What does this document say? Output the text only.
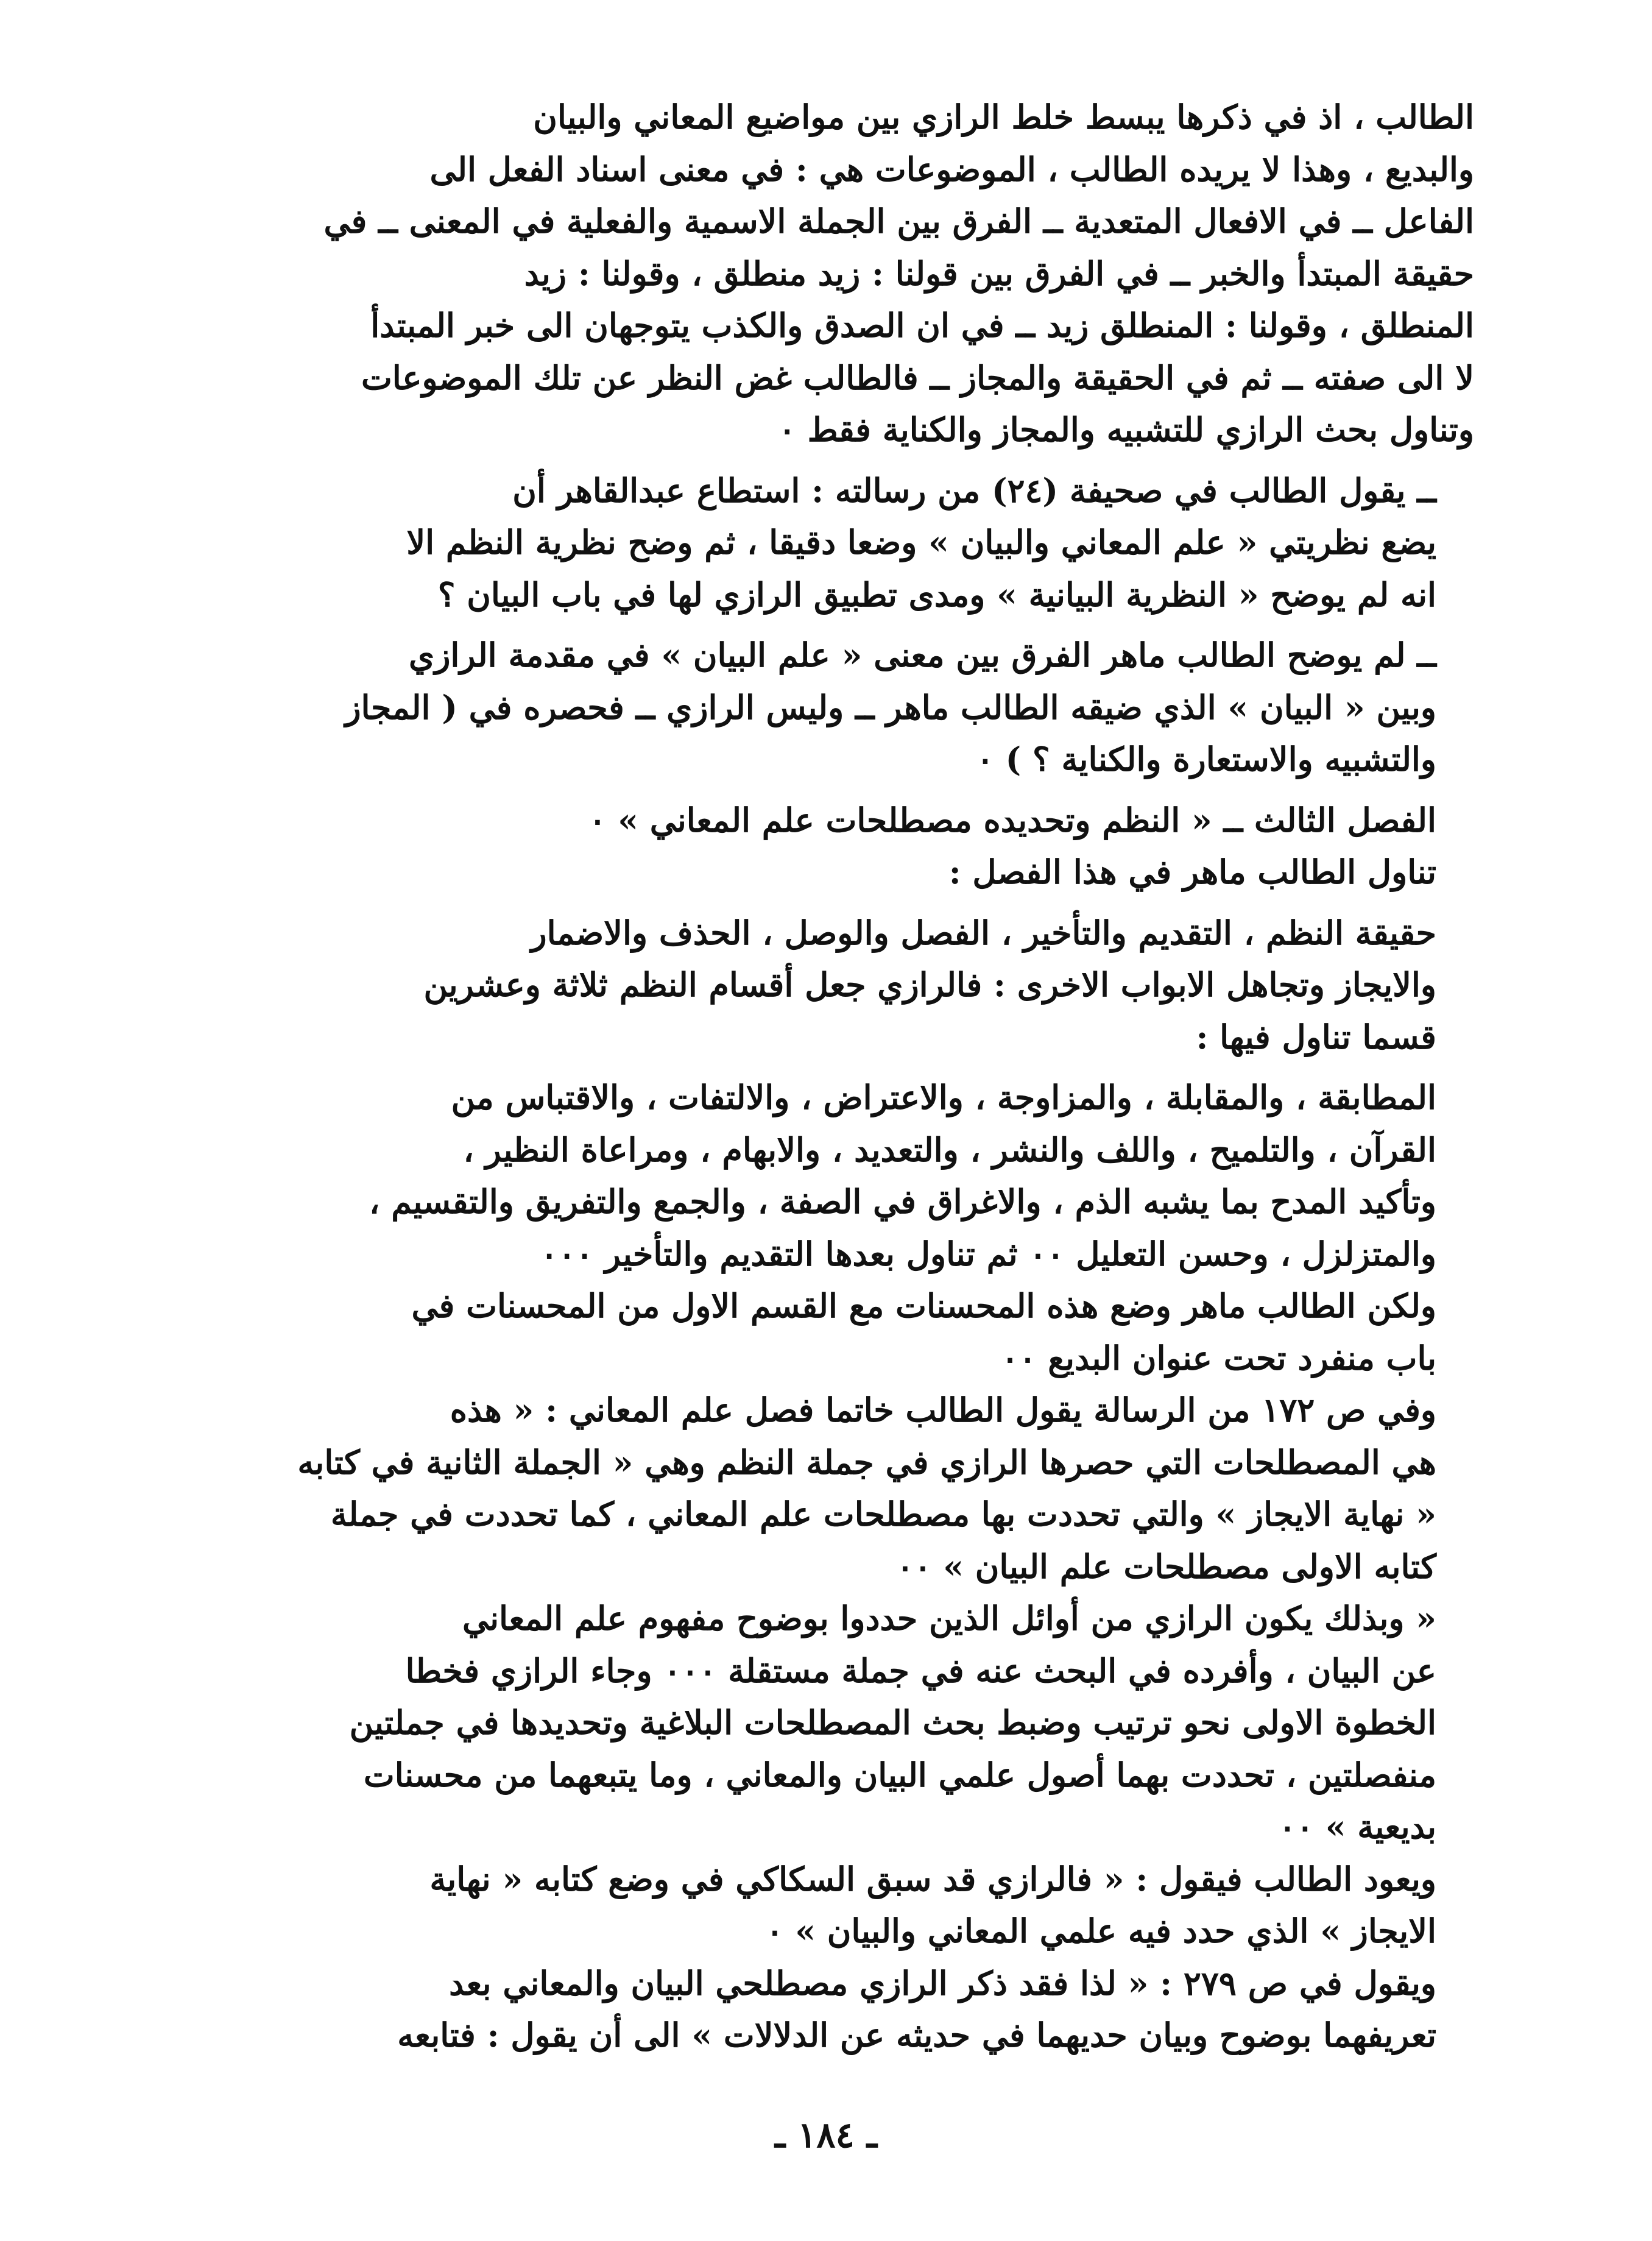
الطالب ، اذ في ذكرها يبسط خلط الرازي بين مواضيع المعاني والبيان
والبديع ، وهذا لا يريده الطالب ، الموضوعات هي : في معنى اسناد الفعل الى
الفاعل ــ في الافعال المتعدية ــ الفرق بين الجملة الاسمية والفعلية في المعنى ــ في
حقيقة المبتدأ والخبر ــ في الفرق بين قولنا : زيد منطلق ، وقولنا : زيد
المنطلق ، وقولنا : المنطلق زيد ــ في ان الصدق والكذب يتوجهان الى خبر المبتدأ
لا الى صفته ــ ثم في الحقيقة والمجاز ــ فالطالب غض النظر عن تلك الموضوعات
وتناول بحث الرازي للتشبيه والمجاز والكناية فقط ٠

ــ يقول الطالب في صحيفة (٢٤) من رسالته : استطاع عبدالقاهر أن
يضع نظريتي « علم المعاني والبيان » وضعا دقيقا ، ثم وضح نظرية النظم الا
انه لم يوضح « النظرية البيانية » ومدى تطبيق الرازي لها في باب البيان ؟

ــ لم يوضح الطالب ماهر الفرق بين معنى « علم البيان » في مقدمة الرازي
وبين « البيان » الذي ضيقه الطالب ماهر ــ وليس الرازي ــ فحصره في ( المجاز
والتشبيه والاستعارة والكناية ؟ ) ٠

الفصل الثالث ــ « النظم وتحديده مصطلحات علم المعاني » ٠
تناول الطالب ماهر في هذا الفصل :

حقيقة النظم ، التقديم والتأخير ، الفصل والوصل ، الحذف والاضمار
والايجاز وتجاهل الابواب الاخرى : فالرازي جعل أقسام النظم ثلاثة وعشرين
قسما تناول فيها :

المطابقة ، والمقابلة ، والمزاوجة ، والاعتراض ، والالتفات ، والاقتباس من
القرآن ، والتلميح ، واللف والنشر ، والتعديد ، والابهام ، ومراعاة النظير ،
وتأكيد المدح بما يشبه الذم ، والاغراق في الصفة ، والجمع والتفريق والتقسيم ،
والمتزلزل ، وحسن التعليل ٠٠ ثم تناول بعدها التقديم والتأخير ٠٠٠

ولكن الطالب ماهر وضع هذه المحسنات مع القسم الاول من المحسنات في
باب منفرد تحت عنوان البديع ٠٠

وفي ص ١٧٢ من الرسالة يقول الطالب خاتما فصل علم المعاني : « هذه
هي المصطلحات التي حصرها الرازي في جملة النظم وهي « الجملة الثانية في كتابه
« نهاية الايجاز » والتي تحددت بها مصطلحات علم المعاني ، كما تحددت في جملة
كتابه الاولى مصطلحات علم البيان » ٠٠

« وبذلك يكون الرازي من أوائل الذين حددوا بوضوح مفهوم علم المعاني
عن البيان ، وأفرده في البحث عنه في جملة مستقلة ٠٠٠ وجاء الرازي فخطا
الخطوة الاولى نحو ترتيب وضبط بحث المصطلحات البلاغية وتحديدها في جملتين
منفصلتين ، تحددت بهما أصول علمي البيان والمعاني ، وما يتبعهما من محسنات
بديعية » ٠٠

ويعود الطالب فيقول : « فالرازي قد سبق السكاكي في وضع كتابه « نهاية
الايجاز » الذي حدد فيه علمي المعاني والبيان » ٠

ويقول في ص ٢٧٩ : « لذا فقد ذكر الرازي مصطلحي البيان والمعاني بعد
تعريفهما بوضوح وبيان حديهما في حديثه عن الدلالات » الى أن يقول : فتابعه

ـ ١٨٤ ـ
